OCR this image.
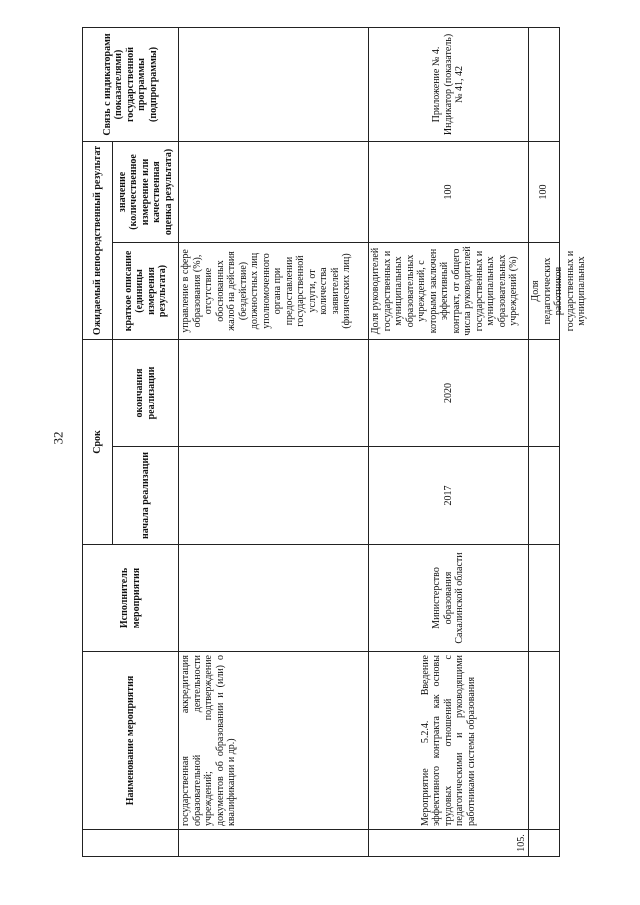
32
	Наименование мероприятия	Исполнитель мероприятия	Срок		Ожидаемый непосредственный результат		Связь с индикаторами (показателями) государственной программы (подпрограммы)
			начала реализации	окончания реализации	краткое описание (единицы измерения результата)	значение (количественное измерение или качественная оценка результата)	
	государственная аккредитация образовательной деятельности учреждений; подтверждение документов об образовании и (или) о квалификации и др.)				управление в сфере образования (%), отсутствие обоснованных жалоб на действия (бездействие) должностных лиц уполномоченного органа при предоставлении государственной услуги, от количества заявителей (физических лиц)		
105.	Мероприятие 5.2.4. Введение эффективного контракта как основы трудовых отношений с педагогическими и руководящими работниками системы образования	Министерство образования Сахалинской области	2017	2020	Доля руководителей государственных и муниципальных образовательных учреждений, с которыми заключен эффективный контракт, от общего числа руководителей государственных и муниципальных образовательных учреждений (%)	100	Приложение № 4. Индикатор (показатель) № 41, 42

					Доля педагогических работников государственных и муниципальных	100	
